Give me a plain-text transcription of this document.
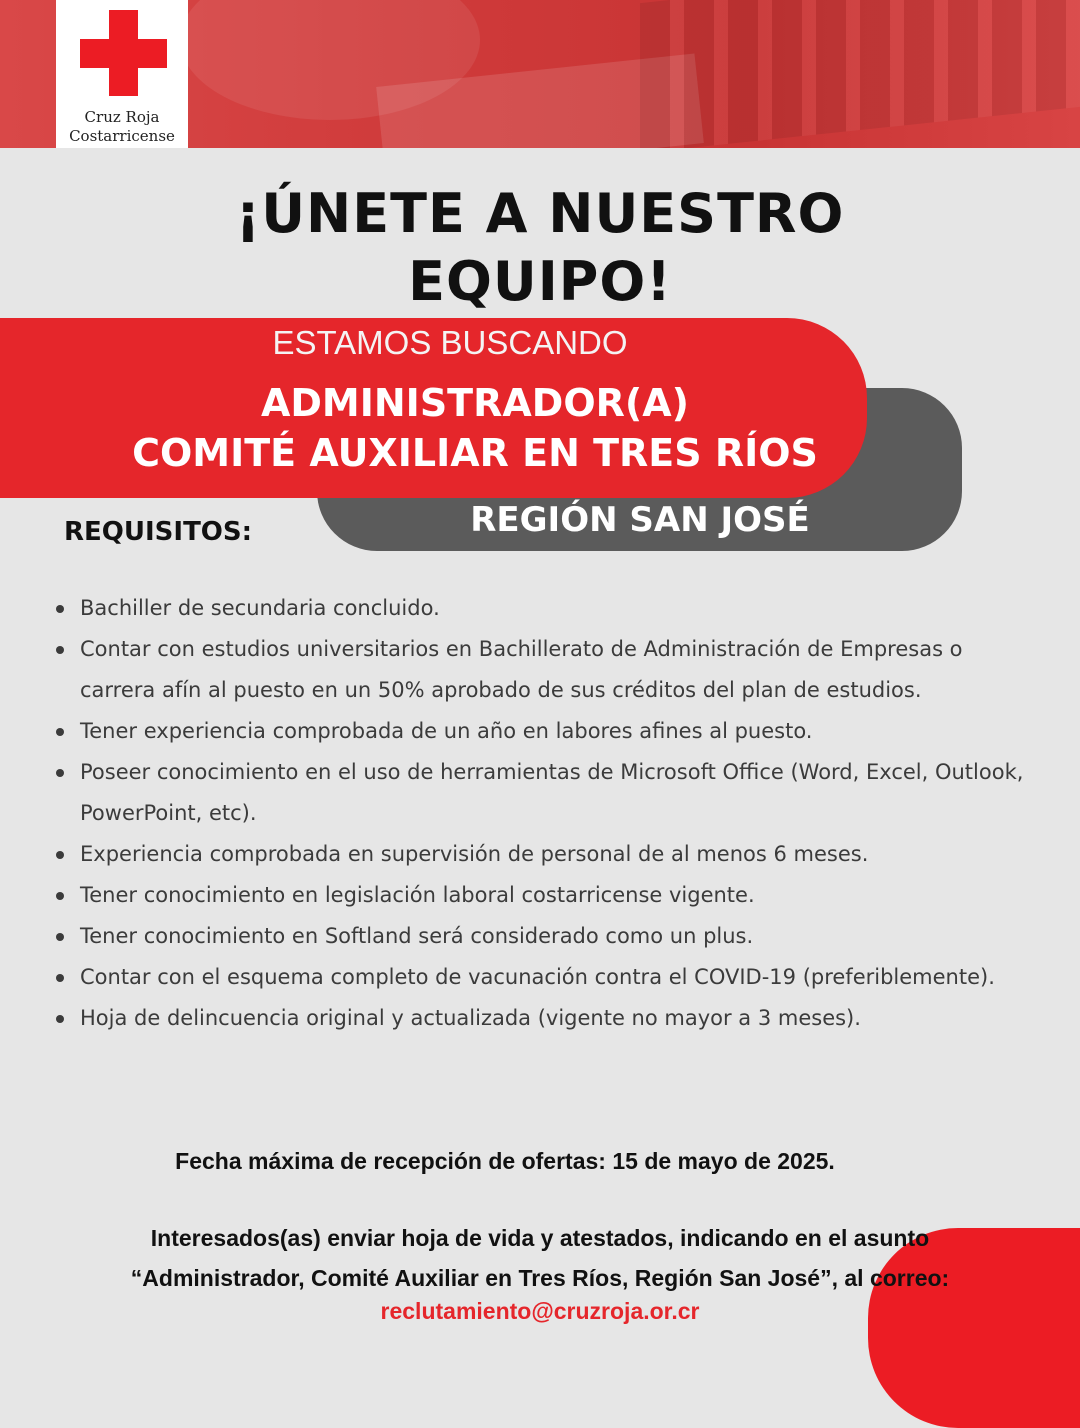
Cruz Roja
Costarricense
¡ÚNETE A NUESTRO
EQUIPO!
ESTAMOS BUSCANDO
ADMINISTRADOR(A)
COMITÉ AUXILIAR EN TRES RÍOS
REGIÓN SAN JOSÉ
REQUISITOS:
Bachiller de secundaria concluido.
Contar con estudios universitarios en Bachillerato de Administración de Empresas o carrera afín al puesto en un 50% aprobado de sus créditos del plan de estudios.
Tener experiencia comprobada de un año en labores afines al puesto.
Poseer conocimiento en el uso de herramientas de Microsoft Office (Word, Excel, Outlook, PowerPoint, etc).
Experiencia comprobada en supervisión de personal de al menos 6 meses.
Tener conocimiento en legislación laboral costarricense vigente.
Tener conocimiento en Softland será considerado como un plus.
Contar con el esquema completo de vacunación contra el COVID-19 (preferiblemente).
Hoja de delincuencia original y actualizada (vigente no mayor a 3 meses).
Fecha máxima de recepción de ofertas: 15 de mayo de 2025.
Interesados(as) enviar hoja de vida y atestados, indicando en el asunto
“Administrador, Comité Auxiliar en Tres Ríos, Región San José”, al correo:
reclutamiento@cruzroja.or.cr
